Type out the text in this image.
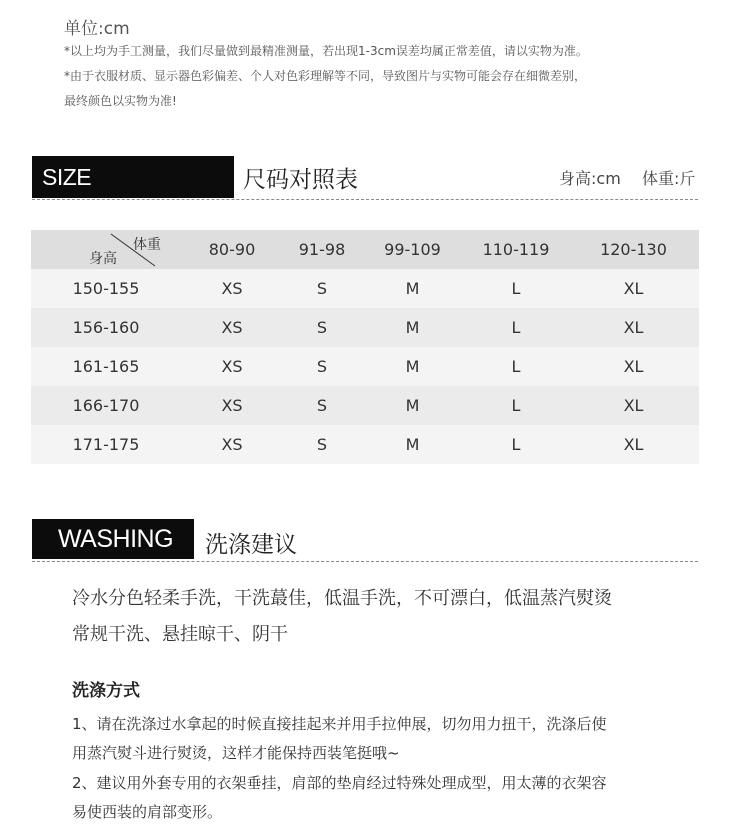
单位:cm
*以上均为手工测量，我们尽量做到最精准测量，若出现1-3cm误差均属正常差值，请以实物为准。
*由于衣服材质、显示器色彩偏差、个人对色彩理解等不同，导致图片与实物可能会存在细微差别，
最终颜色以实物为准!
SIZE COMPARISON
尺码对照表	身高:cm 体重:斤
体重
身高	80-90	91-98	99-109	110-119	120-130
150-155	XS	S	M	L	XL
156-160	XS	S	M	L	XL
161-165	XS	S	M	L	XL
166-170	XS	S	M	L	XL
171-175	XS	S	M	L	XL
WASHING	洗涤建议
冷水分色轻柔手洗，干洗蕞佳，低温手洗，不可漂白，低温蒸汽熨烫
常规干洗、悬挂晾干、阴干
洗涤方式
1、请在洗涤过水拿起的时候直接挂起来并用手拉伸展，切勿用力扭干，洗涤后使
用蒸汽熨斗进行熨烫，这样才能保持西装笔挺哦~
2、建议用外套专用的衣架垂挂，肩部的垫肩经过特殊处理成型，用太薄的衣架容
易使西装的肩部变形。
